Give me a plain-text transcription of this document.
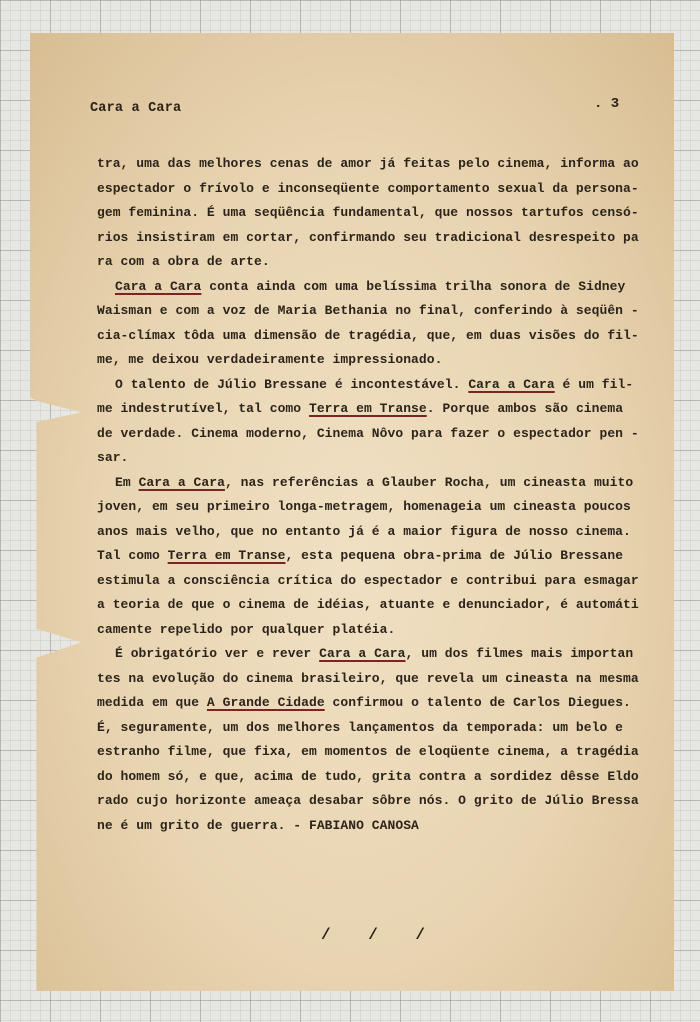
Cara a Cara	. 3
tra, uma das melhores cenas de amor já feitas pelo cinema, informa ao
espectador o frívolo e inconseqüente comportamento sexual da persona-
gem feminina. É uma seqüência fundamental, que nossos tartufos censó-
rios insistiram em cortar, confirmando seu tradicional desrespeito pa
ra com a obra de arte.
Cara a Cara conta ainda com uma belíssima trilha sonora de Sidney
Waisman e com a voz de Maria Bethania no final, conferindo à seqüên -
cia-clímax tôda uma dimensão de tragédia, que, em duas visões do fil-
me, me deixou verdadeiramente impressionado.
O talento de Júlio Bressane é incontestável. Cara a Cara é um fil-
me indestrutível, tal como Terra em Transe. Porque ambos são cinema
de verdade. Cinema moderno, Cinema Nôvo para fazer o espectador pen -
sar.
Em Cara a Cara, nas referências a Glauber Rocha, um cineasta muito
joven, em seu primeiro longa-metragem, homenageia um cineasta poucos
anos mais velho, que no entanto já é a maior figura de nosso cinema.
Tal como Terra em Transe, esta pequena obra-prima de Júlio Bressane
estimula a consciência crítica do espectador e contribui para esmagar
a teoria de que o cinema de idéias, atuante e denunciador, é automáti
camente repelido por qualquer platéia.
É obrigatório ver e rever Cara a Cara, um dos filmes mais importan
tes na evolução do cinema brasileiro, que revela um cineasta na mesma
medida em que A Grande Cidade confirmou o talento de Carlos Diegues.
É, seguramente, um dos melhores lançamentos da temporada: um belo e
estranho filme, que fixa, em momentos de eloqüente cinema, a tragédia
do homem só, e que, acima de tudo, grita contra a sordidez dêsse Eldo
rado cujo horizonte ameaça desabar sôbre nós. O grito de Júlio Bressa
ne é um grito de guerra. - FABIANO CANOSA
/ / /
